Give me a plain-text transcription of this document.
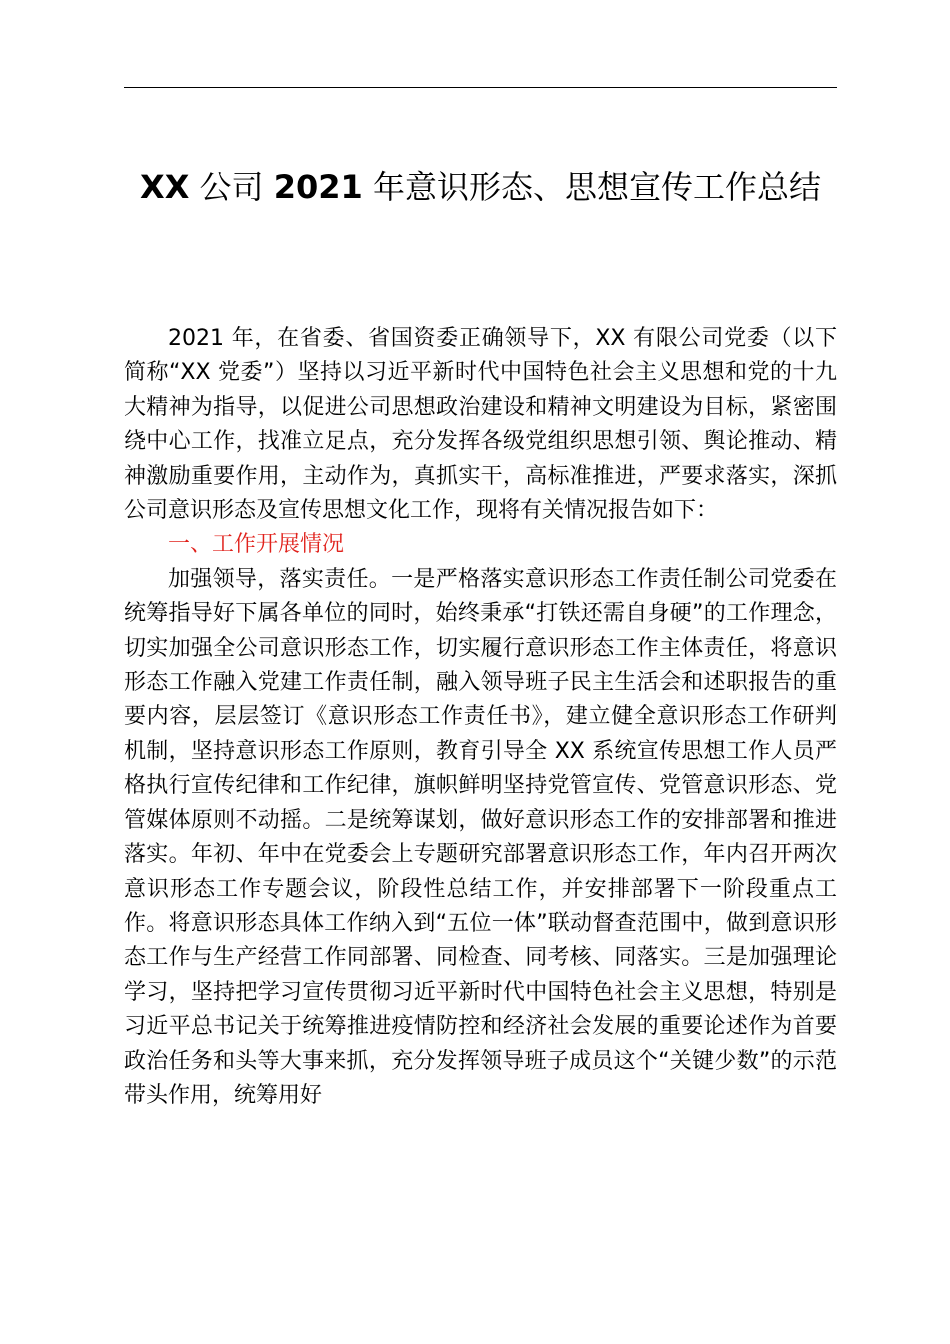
XX 公司 2021 年意识形态、思想宣传工作总结

2021 年，在省委、省国资委正确领导下，XX 有限公司党委（以下简称“XX 党委”）坚持以习近平新时代中国特色社会主义思想和党的十九大精神为指导，以促进公司思想政治建设和精神文明建设为目标，紧密围绕中心工作，找准立足点，充分发挥各级党组织思想引领、舆论推动、精神激励重要作用，主动作为，真抓实干，高标准推进，严要求落实，深抓公司意识形态及宣传思想文化工作，现将有关情况报告如下：

一、工作开展情况

加强领导，落实责任。一是严格落实意识形态工作责任制公司党委在统筹指导好下属各单位的同时，始终秉承“打铁还需自身硬”的工作理念，切实加强全公司意识形态工作，切实履行意识形态工作主体责任，将意识形态工作融入党建工作责任制，融入领导班子民主生活会和述职报告的重要内容，层层签订《意识形态工作责任书》，建立健全意识形态工作研判机制，坚持意识形态工作原则，教育引导全 XX 系统宣传思想工作人员严格执行宣传纪律和工作纪律，旗帜鲜明坚持党管宣传、党管意识形态、党管媒体原则不动摇。二是统筹谋划，做好意识形态工作的安排部署和推进落实。年初、年中在党委会上专题研究部署意识形态工作，年内召开两次意识形态工作专题会议，阶段性总结工作，并安排部署下一阶段重点工作。将意识形态具体工作纳入到“五位一体”联动督查范围中，做到意识形态工作与生产经营工作同部署、同检查、同考核、同落实。三是加强理论学习，坚持把学习宣传贯彻习近平新时代中国特色社会主义思想，特别是习近平总书记关于统筹推进疫情防控和经济社会发展的重要论述作为首要政治任务和头等大事来抓，充分发挥领导班子成员这个“关键少数”的示范带头作用，统筹用好
